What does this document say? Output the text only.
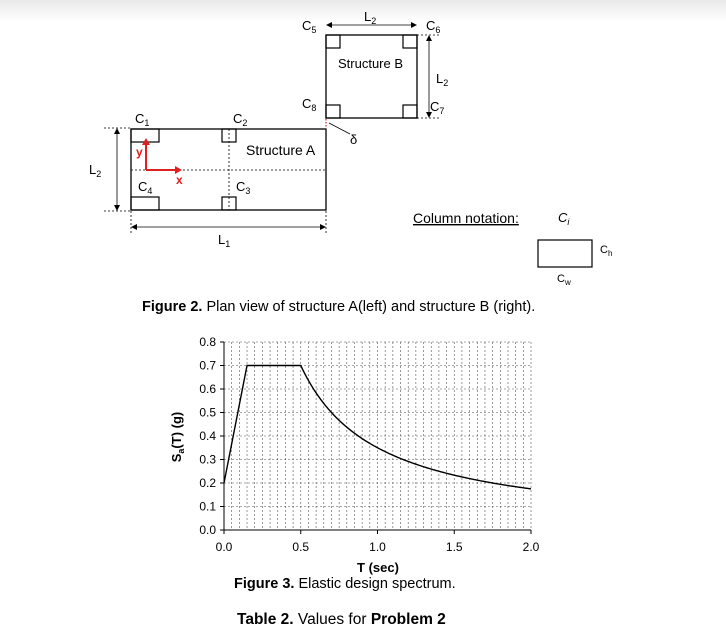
Structure A
Structure B
$C_1$	$C_2$
$C_3$
$C_4$
$C_5$	$C_6$
$C_7$
$C_8$
$L_2$
$L_1$
$L_2$
$L_2$
δ
x
y
Column notation:	$C_i$
$C_h$
$C_w$
Figure 2. Plan view of structure A(left) and structure B (right).
0.0
0.1
0.2
0.3
0.4
0.5
0.6
0.7
0.8
0.0	0.5	1.0	1.5	2.0
T (sec)
$S_a(T)$ (g)
Figure 3. Elastic design spectrum.
Table 2. Values for Problem 2
